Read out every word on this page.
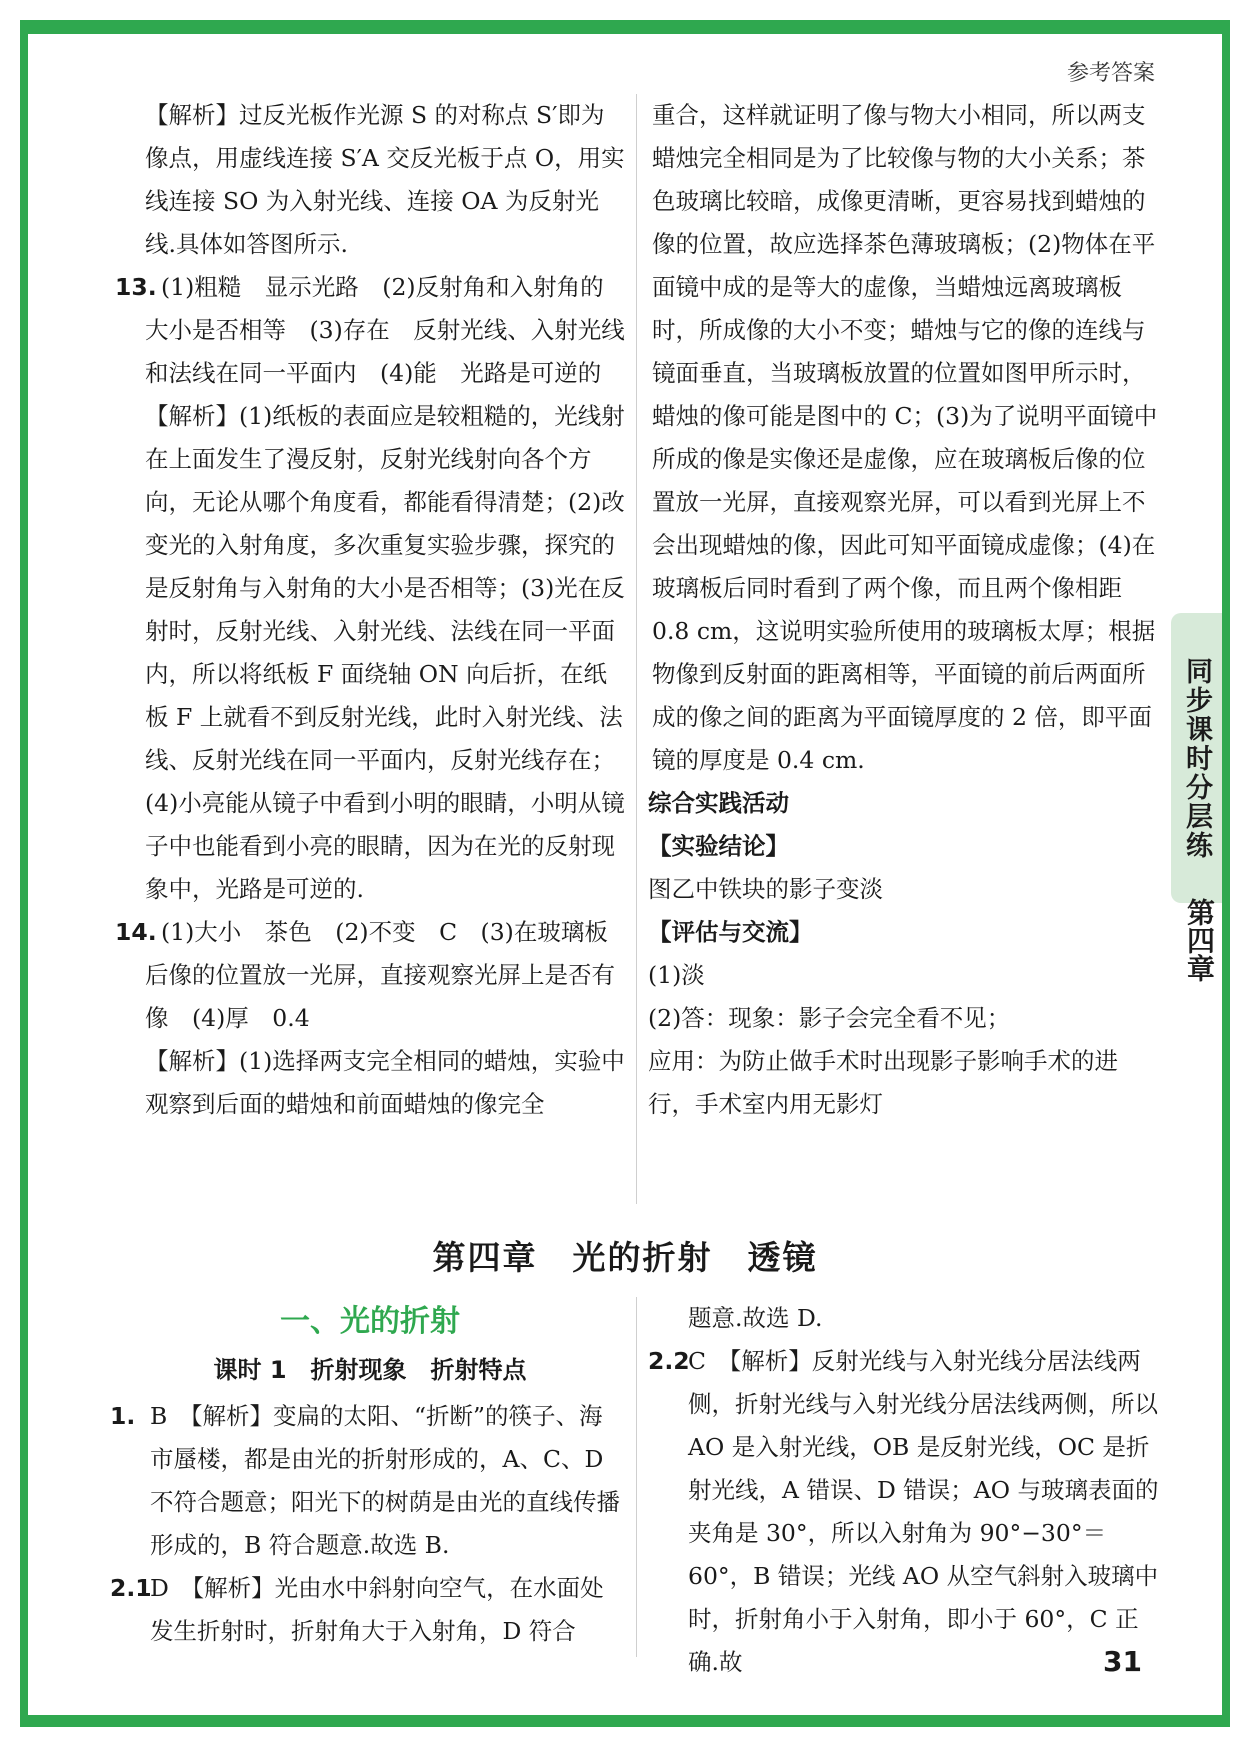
参考答案

【解析】过反光板作光源 S 的对称点 S′即为像点，用虚线连接 S′A 交反光板于点 O，用实线连接 SO 为入射光线、连接 OA 为反射光线.具体如答图所示.

13. (1)粗糙　显示光路　(2)反射角和入射角的大小是否相等　(3)存在　反射光线、入射光线和法线在同一平面内　(4)能　光路是可逆的

【解析】(1)纸板的表面应是较粗糙的，光线射在上面发生了漫反射，反射光线射向各个方向，无论从哪个角度看，都能看得清楚；(2)改变光的入射角度，多次重复实验步骤，探究的是反射角与入射角的大小是否相等；(3)光在反射时，反射光线、入射光线、法线在同一平面内，所以将纸板 F 面绕轴 ON 向后折，在纸板 F 上就看不到反射光线，此时入射光线、法线、反射光线在同一平面内，反射光线存在；(4)小亮能从镜子中看到小明的眼睛，小明从镜子中也能看到小亮的眼睛，因为在光的反射现象中，光路是可逆的.

14. (1)大小　茶色　(2)不变　C　(3)在玻璃板后像的位置放一光屏，直接观察光屏上是否有像　(4)厚　0.4

【解析】(1)选择两支完全相同的蜡烛，实验中观察到后面的蜡烛和前面蜡烛的像完全

重合，这样就证明了像与物大小相同，所以两支蜡烛完全相同是为了比较像与物的大小关系；茶色玻璃比较暗，成像更清晰，更容易找到蜡烛的像的位置，故应选择茶色薄玻璃板；(2)物体在平面镜中成的是等大的虚像，当蜡烛远离玻璃板时，所成像的大小不变；蜡烛与它的像的连线与镜面垂直，当玻璃板放置的位置如图甲所示时，蜡烛的像可能是图中的 C；(3)为了说明平面镜中所成的像是实像还是虚像，应在玻璃板后像的位置放一光屏，直接观察光屏，可以看到光屏上不会出现蜡烛的像，因此可知平面镜成虚像；(4)在玻璃板后同时看到了两个像，而且两个像相距 0.8 cm，这说明实验所使用的玻璃板太厚；根据物像到反射面的距离相等，平面镜的前后两面所成的像之间的距离为平面镜厚度的 2 倍，即平面镜的厚度是 0.4 cm.

综合实践活动

【实验结论】

图乙中铁块的影子变淡

【评估与交流】

(1)淡

(2)答：现象：影子会完全看不见；

应用：为防止做手术时出现影子影响手术的进行，手术室内用无影灯

同步课时分层练
第四章
第四章　光的折射　透镜
一、光的折射
课时 1　折射现象　折射特点

1. B　【解析】变扁的太阳、“折断”的筷子、海市蜃楼，都是由光的折射形成的，A、C、D 不符合题意；阳光下的树荫是由光的直线传播形成的，B 符合题意.故选 B.

2.1D　【解析】光由水中斜射向空气，在水面处发生折射时，折射角大于入射角，D 符合

题意.故选 D.

2.2C　【解析】反射光线与入射光线分居法线两侧，折射光线与入射光线分居法线两侧，所以 AO 是入射光线，OB 是反射光线，OC 是折射光线，A 错误、D 错误；AO 与玻璃表面的夹角是 30°，所以入射角为 90°−30°＝60°，B 错误；光线 AO 从空气斜射入玻璃中时，折射角小于入射角，即小于 60°，C 正确.故	31
